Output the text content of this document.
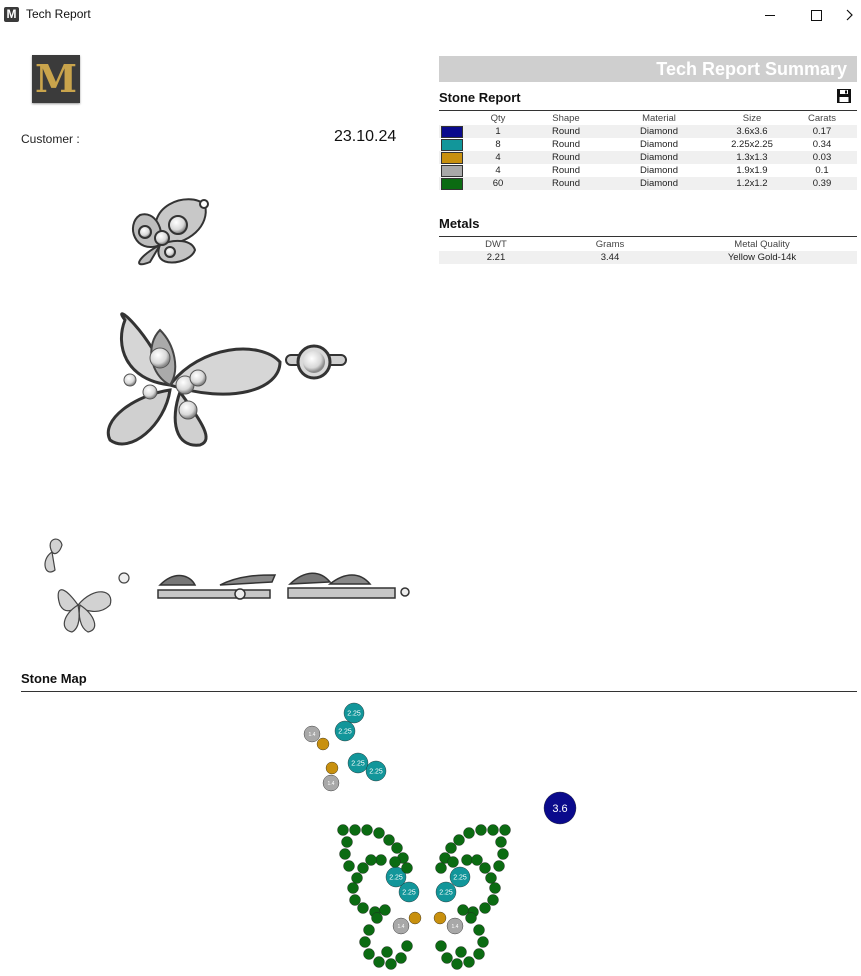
M Tech Report
M
Customer :	23.10.24
Tech Report Summary
Stone Report
	Qty	Shape	Material	Size	Carats
	1	Round	Diamond	3.6x3.6	0.17
	8	Round	Diamond	2.25x2.25	0.34
	4	Round	Diamond	1.3x1.3	0.03
	4	Round	Diamond	1.9x1.9	0.1
	60	Round	Diamond	1.2x1.2	0.39
Metals
DWT	Grams	Metal Quality
2.21	3.44	Yellow Gold-14k
Stone Map
3.6
2.25
2.25
2.25
2.25
1.4
1.4
2.25
2.25
2.25
2.25
1.4	1.4
